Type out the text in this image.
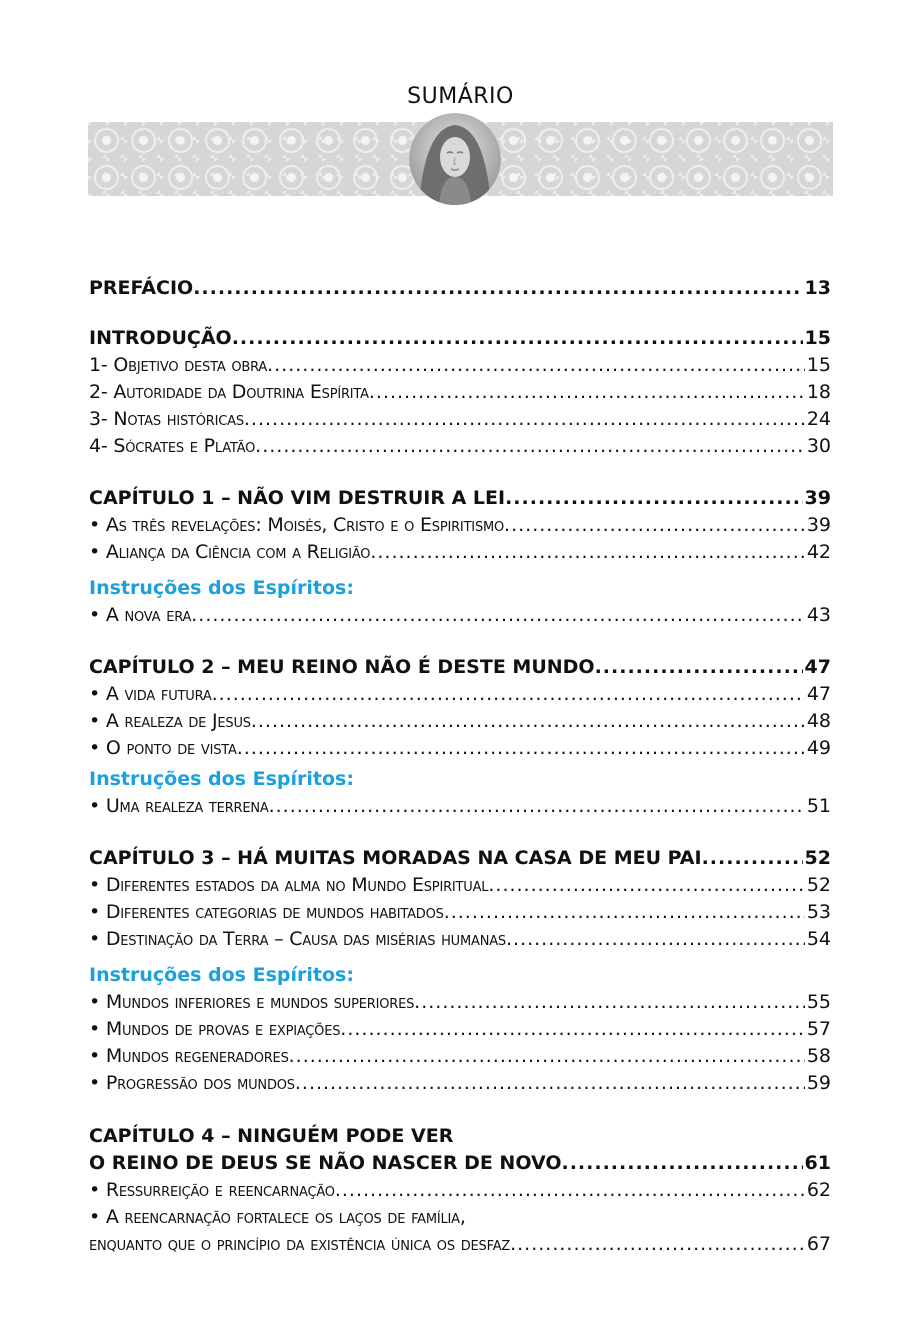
SUMÁRIO
PREFÁCIO .....	13
INTRODUÇÃO .....	15
1- Objetivo desta obra .....	15
2- Autoridade da Doutrina Espírita .....	18
3- Notas históricas .....	24
4- Sócrates e Platão .....	30
CAPÍTULO 1 – NÃO VIM DESTRUIR A LEI .....	39
• As três revelações: Moisés, Cristo e o Espiritismo .....	39
• Aliança da Ciência com a Religião .....	42
Instruções dos Espíritos:
• A nova era .....	43
CAPÍTULO 2 – MEU REINO NÃO É DESTE MUNDO .....	47
• A vida futura .....	47
• A realeza de Jesus .....	48
• O ponto de vista .....	49
Instruções dos Espíritos:
• Uma realeza terrena .....	51
CAPÍTULO 3 – HÁ MUITAS MORADAS NA CASA DE MEU PAI .....	52
• Diferentes estados da alma no Mundo Espiritual .....	52
• Diferentes categorias de mundos habitados .....	53
• Destinação da Terra – Causa das misérias humanas .....	54
Instruções dos Espíritos:
• Mundos inferiores e mundos superiores .....	55
• Mundos de provas e expiações .....	57
• Mundos regeneradores .....	58
• Progressão dos mundos .....	59
CAPÍTULO 4 – NINGUÉM PODE VER
O REINO DE DEUS SE NÃO NASCER DE NOVO .....	61
• Ressurreição e reencarnação .....	62
• A reencarnação fortalece os laços de família,
enquanto que o princípio da existência única os desfaz .....	67
